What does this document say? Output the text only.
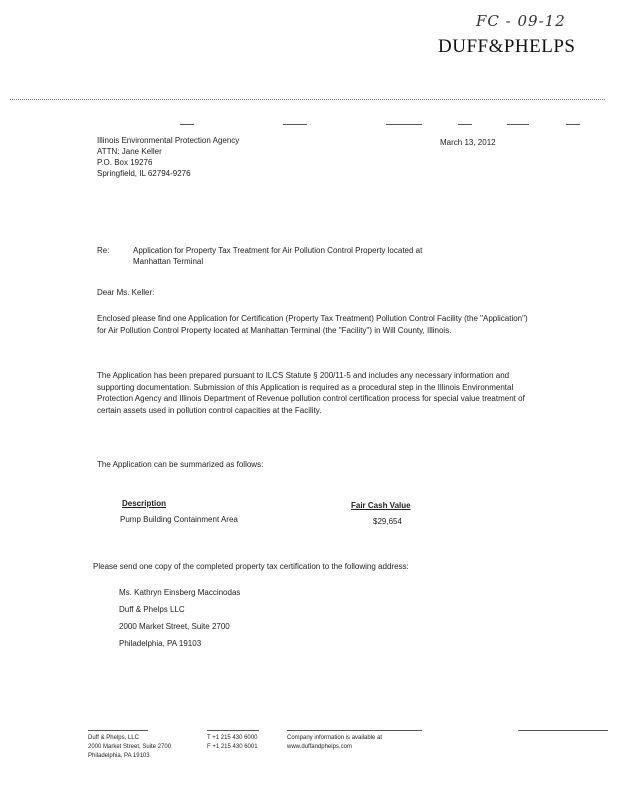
FC - 09-12
DUFF&PHELPS
Illinois Environmental Protection Agency
ATTN: Jane Keller
P.O. Box 19276
Springfield, IL 62794-9276
March 13, 2012
Re:	Application for Property Tax Treatment for Air Pollution Control Property located at
Manhattan Terminal
Dear Ms. Keller:
Enclosed please find one Application for Certification (Property Tax Treatment) Pollution Control Facility (the "Application") for Air Pollution Control Property located at Manhattan Terminal (the "Facility") in Will County, Illinois.
The Application has been prepared pursuant to ILCS Statute § 200/11-5 and includes any necessary information and supporting documentation. Submission of this Application is required as a procedural step in the Illinois Environmental Protection Agency and Illinois Department of Revenue pollution control certification process for special value treatment of certain assets used in pollution control capacities at the Facility.
The Application can be summarized as follows:
Description	Fair Cash Value
Pump Building Containment Area	$29,654
Please send one copy of the completed property tax certification to the following address:
Ms. Kathryn Einsberg Maccinodas
Duff & Phelps LLC
2000 Market Street, Suite 2700
Philadelphia, PA 19103
Duff & Phelps, LLC
2000 Market Street, Suite 2700
Philadelphia, PA 19103
T +1 215 430 6000
F +1 215 430 6001
Company information is available at
www.duffandphelps.com
